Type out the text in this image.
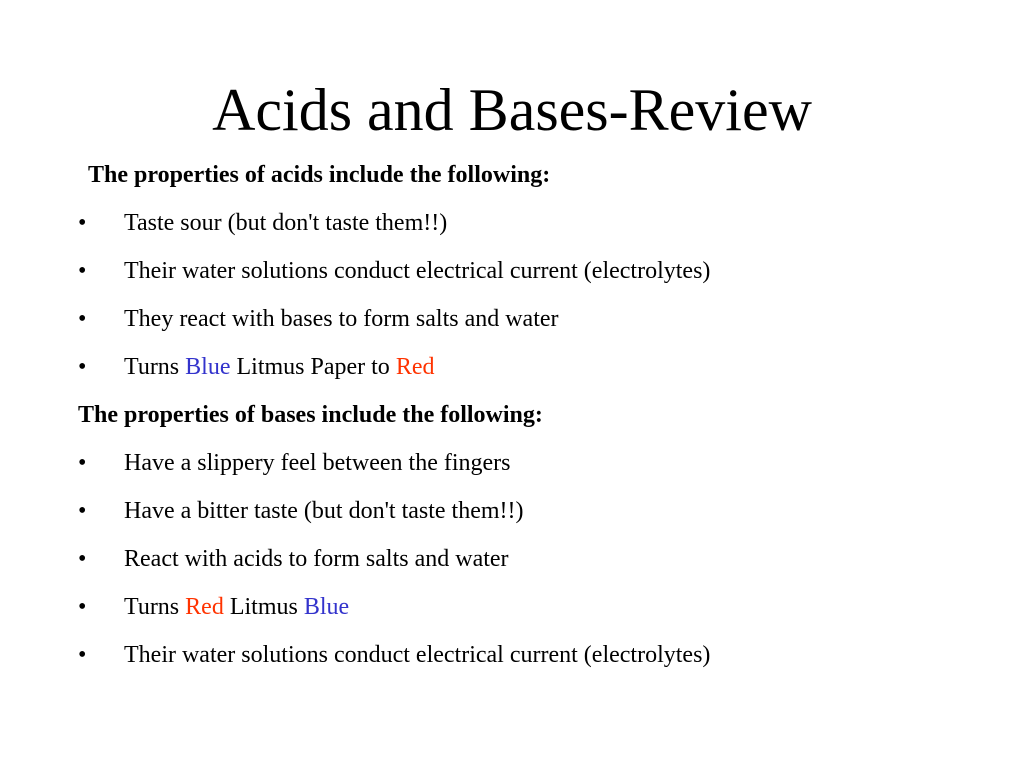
Acids and Bases-Review
The properties of acids include the following:
• Taste sour (but don't taste them!!)
• Their water solutions conduct electrical current (electrolytes)
• They react with bases to form salts and water
• Turns Blue Litmus Paper to Red
The properties of bases include the following:
• Have a slippery feel between the fingers
• Have a bitter taste (but don't taste them!!)
• React with acids to form salts and water
• Turns Red Litmus Blue
• Their water solutions conduct electrical current (electrolytes)
